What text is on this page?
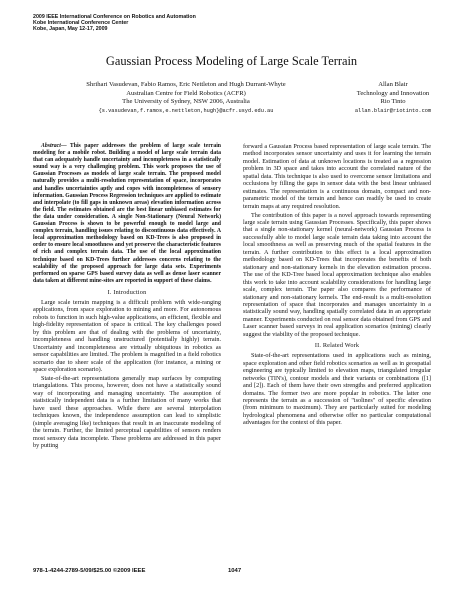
2009 IEEE International Conference on Robotics and Automation
Kobe International Conference Center
Kobe, Japan, May 12-17, 2009
Gaussian Process Modeling of Large Scale Terrain
Shrihari Vasudevan, Fabio Ramos, Eric Nettleton and Hugh Durrant-Whyte
Australian Centre for Field Robotics (ACFR)
The University of Sydney, NSW 2006, Australia
{s.vasudevan,f.ramos,e.nettleton,hugh}@acfr.usyd.edu.au
Allan Blair
Technology and Innovation
Rio Tinto
allan.blair@riotinto.com

Abstract— This paper addresses the problem of large scale terrain modeling for a mobile robot. Building a model of large scale terrain data that can adequately handle uncertainty and incompleteness in a statistically sound way is a very challenging problem. This work proposes the use of Gaussian Processes as models of large scale terrain. The proposed model naturally provides a multi-resolution representation of space, incorporates and handles uncertainties aptly and copes with incompleteness of sensory information. Gaussian Process Regression techniques are applied to estimate and interpolate (to fill gaps in unknown areas) elevation information across the field. The estimates obtained are the best linear unbiased estimates for the data under consideration. A single Non-Stationary (Neural Network) Gaussian Process is shown to be powerful enough to model large and complex terrain, handling issues relating to discontinuous data effectively. A local approximation methodology based on KD-Trees is also proposed in order to ensure local smoothness and yet preserve the characteristic features of rich and complex terrain data. The use of the local approximation technique based on KD-Trees further addresses concerns relating to the scalability of the proposed approach for large data sets. Experiments performed on sparse GPS based survey data as well as dense laser scanner data taken at different mine-sites are reported in support of these claims.

I. Introduction

Large scale terrain mapping is a difficult problem with wide-ranging applications, from space exploration to mining and more. For autonomous robots to function in such high-value applications, an efficient, flexible and high-fidelity representation of space is critical. The key challenges posed by this problem are that of dealing with the problems of uncertainty, incompleteness and handling unstructured (potentially highly) terrain. Uncertainty and incompleteness are virtually ubiquitous in robotics as sensor capabilities are limited. The problem is magnified in a field robotics scenario due to sheer scale of the application (for instance, a mining or space exploration scenario).

State-of-the-art representations generally map surfaces by computing triangulations. This process, however, does not have a statistically sound way of incorporating and managing uncertainty. The assumption of statistically independent data is a further limitation of many works that have used these approaches. While there are several interpolation techniques known, the independence assumption can lead to simplistic (simple averaging like) techniques that result in an inaccurate modeling of the terrain. Further, the limited perceptual capabilities of sensors renders most sensory data incomplete. These problems are addressed in this paper by putting

forward a Gaussian Process based representation of large scale terrain. The method incorporates sensor uncertainty and uses it for learning the terrain model. Estimation of data at unknown locations is treated as a regression problem in 3D space and takes into account the correlated nature of the spatial data. This technique is also used to overcome sensor limitations and occlusions by filling the gaps in sensor data with the best linear unbiased estimates. The representation is a continuous domain, compact and non-parametric model of the terrain and hence can readily be used to create terrain maps at any required resolution.

The contribution of this paper is a novel approach towards representing large scale terrain using Gaussian Processes. Specifically, this paper shows that a single non-stationary kernel (neural-network) Gaussian Process is successfully able to model large scale terrain data taking into account the local smoothness as well as preserving much of the spatial features in the terrain. A further contribution to this effect is a local approximation methodology based on KD-Trees that incorporates the benefits of both stationary and non-stationary kernels in the elevation estimation process. The use of the KD-Tree based local approximation technique also enables this work to take into account scalability considerations for handling large scale, complex terrain. The paper also compares the performance of stationary and non-stationary kernels. The end-result is a multi-resolution representation of space that incorporates and manages uncertainty in a statistically sound way, handling spatially correlated data in an appropriate manner. Experiments conducted on real sensor data obtained from GPS and Laser scanner based surveys in real application scenarios (mining) clearly suggest the viability of the proposed technique.

II. Related Work

State-of-the-art representations used in applications such as mining, space exploration and other field robotics scenarios as well as in geospatial engineering are typically limited to elevation maps, triangulated irregular networks (TIN's), contour models and their variants or combinations ([1] and [2]). Each of them have their own strengths and preferred application domains. The former two are more popular in robotics. The latter one represents the terrain as a succession of "isolines" of specific elevation (from minimum to maximum). They are particularly suited for modeling hydrological phenomena and otherwise offer no particular computational advantages for the context of this paper.

978-1-4244-2789-5/09/$25.00 ©2009 IEEE	1047
